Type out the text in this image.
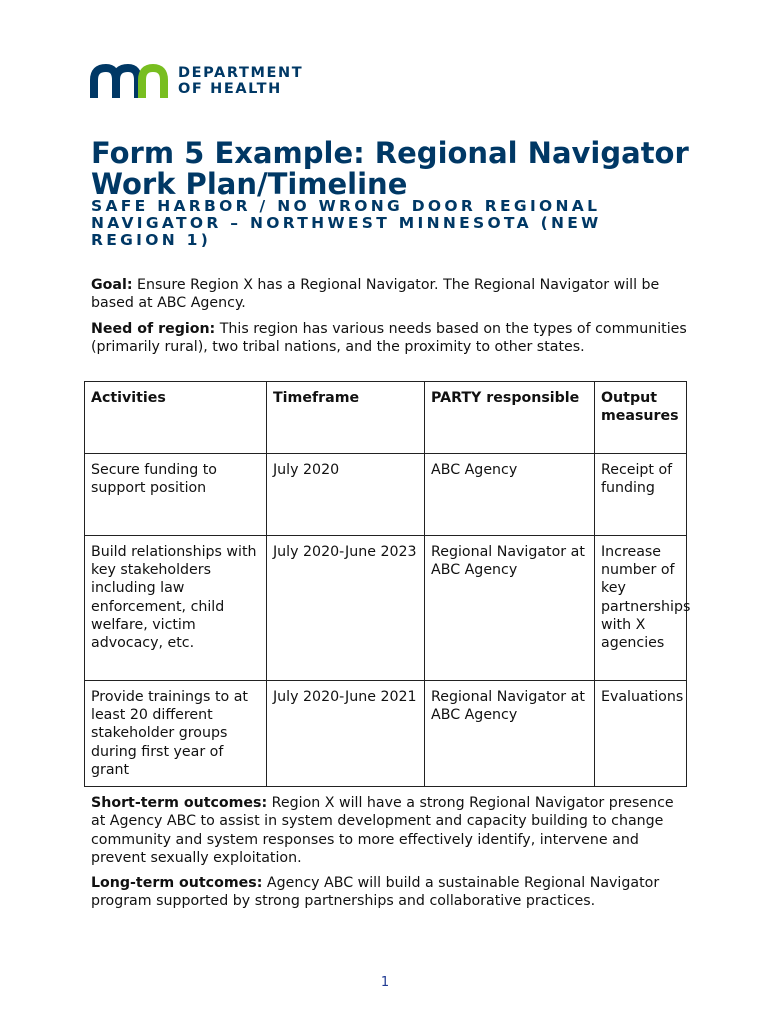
DEPARTMENT
OF HEALTH
Form 5 Example: Regional Navigator Work Plan/Timeline
SAFE HARBOR / NO WRONG DOOR REGIONAL NAVIGATOR – NORTHWEST MINNESOTA (NEW REGION 1)

Goal: Ensure Region X has a Regional Navigator. The Regional Navigator will be based at ABC Agency.

Need of region: This region has various needs based on the types of communities (primarily rural), two tribal nations, and the proximity to other states.

Activities	Timeframe	PARTY responsible	Output measures
Secure funding to support position	July 2020	ABC Agency	Receipt of funding
Build relationships with key stakeholders including law enforcement, child welfare, victim advocacy, etc.	July 2020-June 2023	Regional Navigator at ABC Agency	Increase number of key partnerships with X agencies
Provide trainings to at least 20 different stakeholder groups during first year of grant	July 2020-June 2021	Regional Navigator at ABC Agency	Evaluations

Short-term outcomes: Region X will have a strong Regional Navigator presence at Agency ABC to assist in system development and capacity building to change community and system responses to more effectively identify, intervene and prevent sexually exploitation.

Long-term outcomes: Agency ABC will build a sustainable Regional Navigator program supported by strong partnerships and collaborative practices.

1
